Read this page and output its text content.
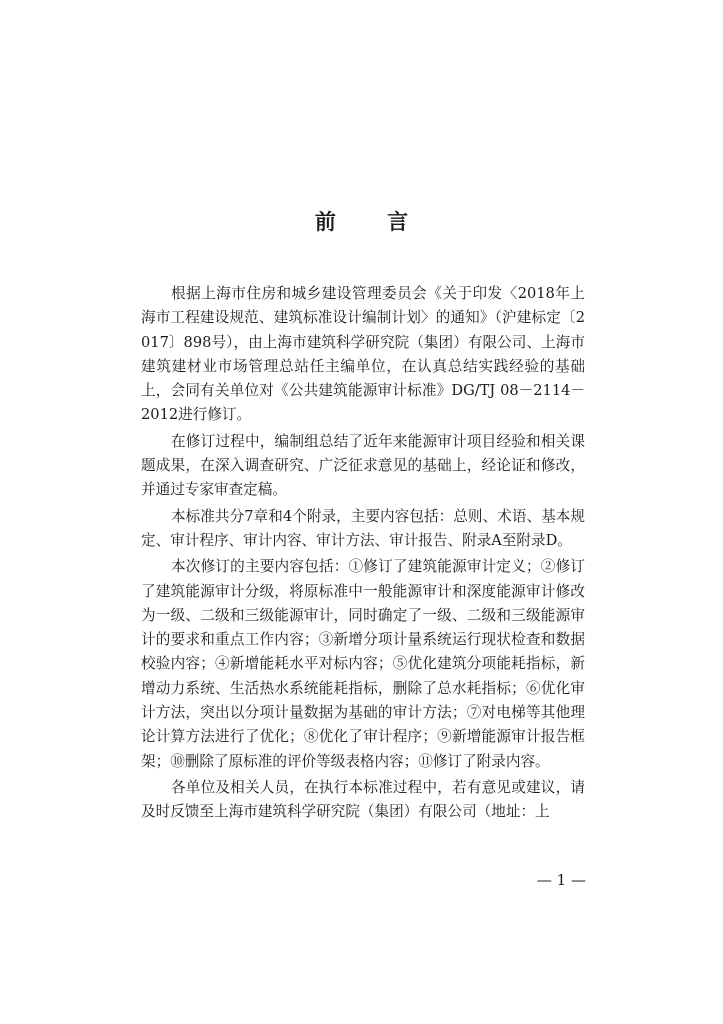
前 言

根据上海市住房和城乡建设管理委员会《关于印发〈2018年上海市工程建设规范、建筑标准设计编制计划〉的通知》（沪建标定〔2017〕898号），由上海市建筑科学研究院（集团）有限公司、上海市建筑建材业市场管理总站任主编单位，在认真总结实践经验的基础上，会同有关单位对《公共建筑能源审计标准》DG/TJ 08－2114－2012进行修订。

在修订过程中，编制组总结了近年来能源审计项目经验和相关课题成果，在深入调查研究、广泛征求意见的基础上，经论证和修改，并通过专家审查定稿。

本标准共分7章和4个附录，主要内容包括：总则、术语、基本规定、审计程序、审计内容、审计方法、审计报告、附录A至附录D。

本次修订的主要内容包括：①修订了建筑能源审计定义；②修订了建筑能源审计分级，将原标准中一般能源审计和深度能源审计修改为一级、二级和三级能源审计，同时确定了一级、二级和三级能源审计的要求和重点工作内容；③新增分项计量系统运行现状检查和数据校验内容；④新增能耗水平对标内容；⑤优化建筑分项能耗指标，新增动力系统、生活热水系统能耗指标，删除了总水耗指标；⑥优化审计方法，突出以分项计量数据为基础的审计方法；⑦对电梯等其他理论计算方法进行了优化；⑧优化了审计程序；⑨新增能源审计报告框架；⑩删除了原标准的评价等级表格内容；⑪修订了附录内容。

各单位及相关人员，在执行本标准过程中，若有意见或建议，请及时反馈至上海市建筑科学研究院（集团）有限公司（地址：上

— 1 —
